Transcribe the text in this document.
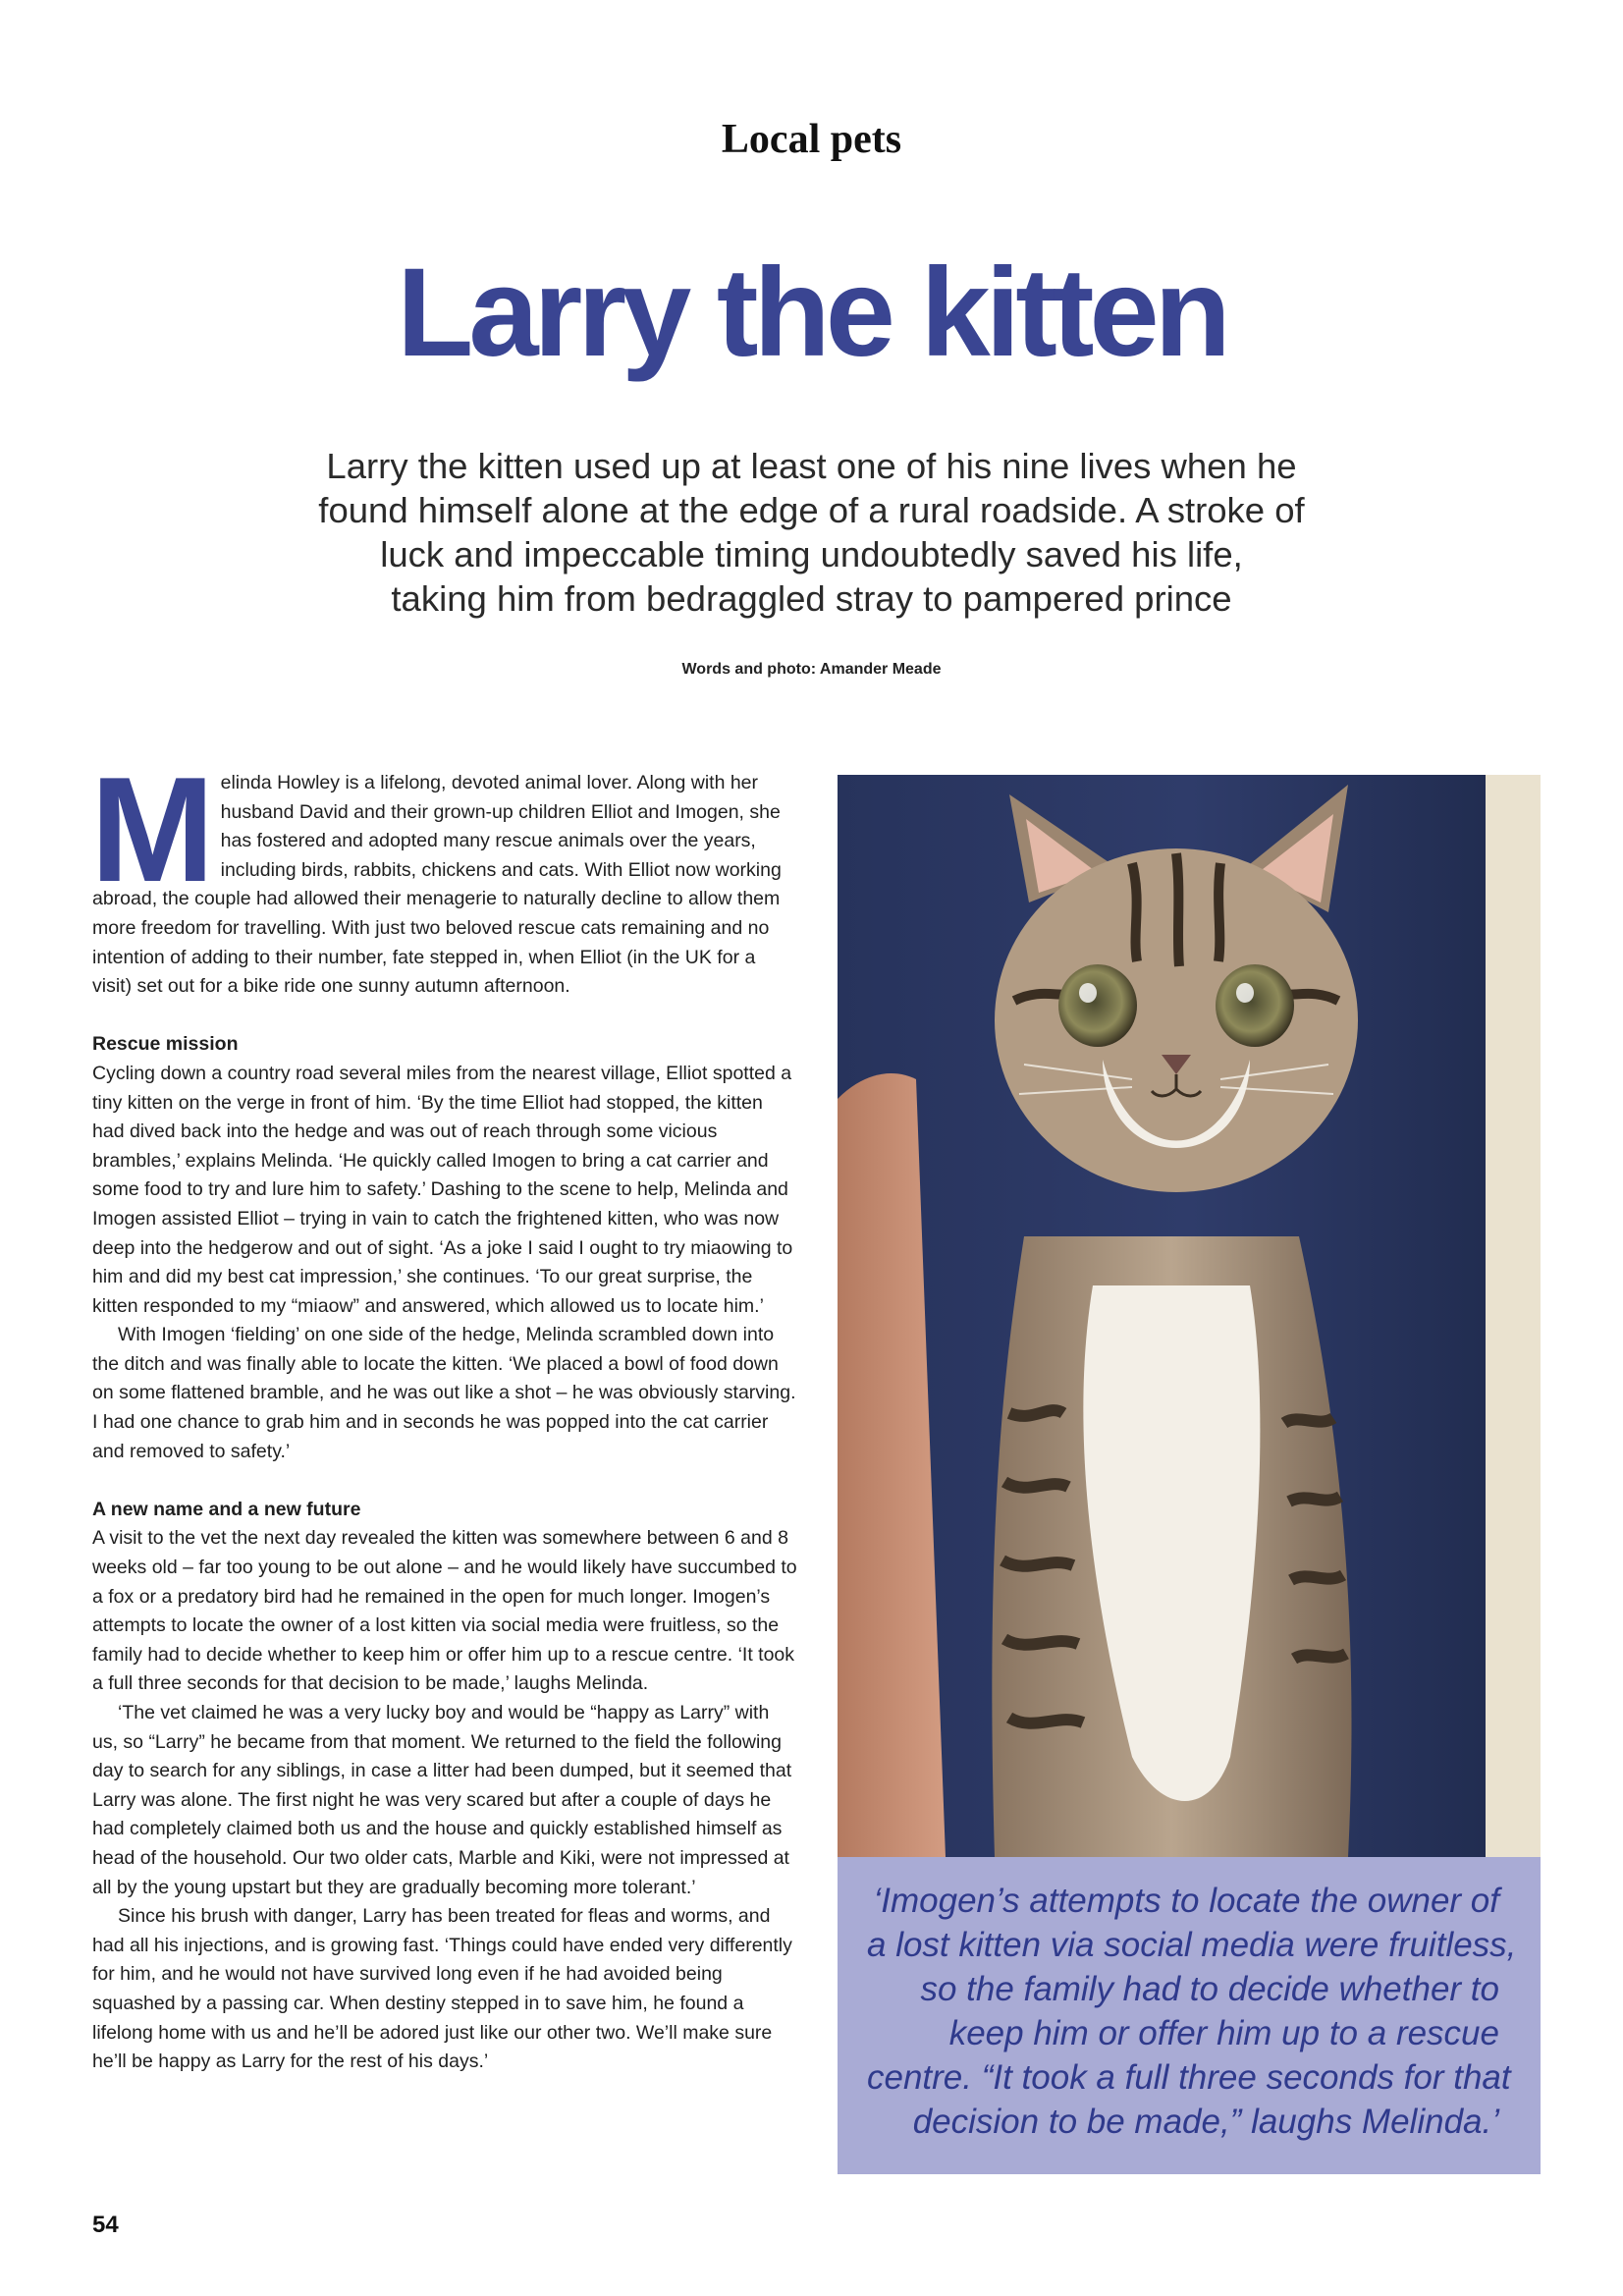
Local pets
Larry the kitten
Larry the kitten used up at least one of his nine lives when he
found himself alone at the edge of a rural roadside. A stroke of
luck and impeccable timing undoubtedly saved his life,
taking him from bedraggled stray to pampered prince
Words and photo: Amander Meade

Melinda Howley is a lifelong, devoted animal lover. Along with her husband David and their grown-up children Elliot and Imogen, she has fostered and adopted many rescue animals over the years, including birds, rabbits, chickens and cats. With Elliot now working abroad, the couple had allowed their menagerie to naturally decline to allow them more freedom for travelling. With just two beloved rescue cats remaining and no intention of adding to their number, fate stepped in, when Elliot (in the UK for a visit) set out for a bike ride one sunny autumn afternoon.

Rescue mission

Cycling down a country road several miles from the nearest village, Elliot spotted a tiny kitten on the verge in front of him. ‘By the time Elliot had stopped, the kitten had dived back into the hedge and was out of reach through some vicious brambles,’ explains Melinda. ‘He quickly called Imogen to bring a cat carrier and some food to try and lure him to safety.’ Dashing to the scene to help, Melinda and Imogen assisted Elliot – trying in vain to catch the frightened kitten, who was now deep into the hedgerow and out of sight. ‘As a joke I said I ought to try miaowing to him and did my best cat impression,’ she continues. ‘To our great surprise, the kitten responded to my “miaow” and answered, which allowed us to locate him.’

With Imogen ‘fielding’ on one side of the hedge, Melinda scrambled down into the ditch and was finally able to locate the kitten. ‘We placed a bowl of food down on some flattened bramble, and he was out like a shot – he was obviously starving. I had one chance to grab him and in seconds he was popped into the cat carrier and removed to safety.’

A new name and a new future

A visit to the vet the next day revealed the kitten was somewhere between 6 and 8 weeks old – far too young to be out alone – and he would likely have succumbed to a fox or a predatory bird had he remained in the open for much longer. Imogen’s attempts to locate the owner of a lost kitten via social media were fruitless, so the family had to decide whether to keep him or offer him up to a rescue centre. ‘It took a full three seconds for that decision to be made,’ laughs Melinda.

‘The vet claimed he was a very lucky boy and would be “happy as Larry” with us, so “Larry” he became from that moment. We returned to the field the following day to search for any siblings, in case a litter had been dumped, but it seemed that Larry was alone. The first night he was very scared but after a couple of days he had completely claimed both us and the house and quickly established himself as head of the household. Our two older cats, Marble and Kiki, were not impressed at all by the young upstart but they are gradually becoming more tolerant.’

Since his brush with danger, Larry has been treated for fleas and worms, and had all his injections, and is growing fast. ‘Things could have ended very differently for him, and he would not have survived long even if he had avoided being squashed by a passing car. When destiny stepped in to save him, he found a lifelong home with us and he’ll be adored just like our other two. We’ll make sure he’ll be happy as Larry for the rest of his days.’

‘Imogen’s attempts to locate the owner of
a lost kitten via social media were fruitless,
so the family had to decide whether to
keep him or offer him up to a rescue
centre. “It took a full three seconds for that
decision to be made,” laughs Melinda.’

54
